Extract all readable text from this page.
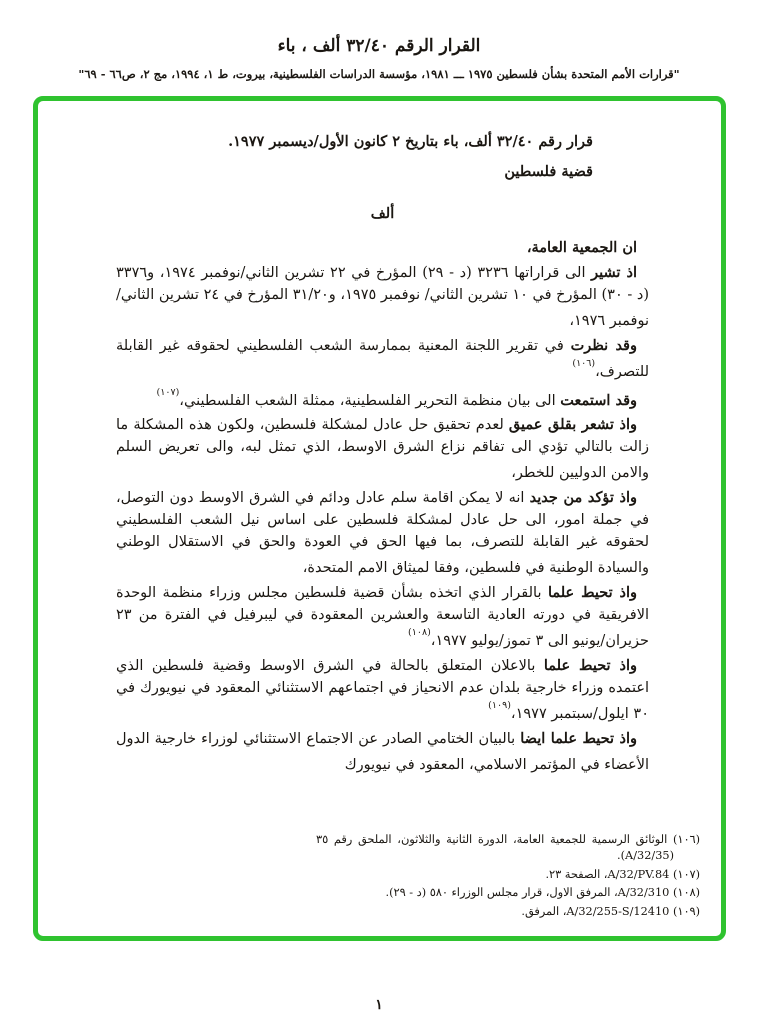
القرار الرقم ٣٢/٤٠ ألف ، باء
"قرارات الأمم المتحدة بشأن فلسطين ١٩٧٥ ـــ ١٩٨١، مؤسسة الدراسات الفلسطينية، بيروت، ط ١، ١٩٩٤، مج ٢، ص٦٦ - ٦٩"

قرار رقم ٣٢/٤٠ ألف، باء بتاريخ ٢ كانون الأول/ديسمبر ١٩٧٧.

قضية فلسطين

ألف

ان الجمعية العامة،

اذ تشير الى قراراتها ٣٢٣٦ (د - ٢٩) المؤرخ في ٢٢ تشرين الثاني/نوفمبر ١٩٧٤، و٣٣٧٦ (د - ٣٠) المؤرخ في ١٠ تشرين الثاني/ نوفمبر ١٩٧٥، و٣١/٢٠ المؤرخ في ٢٤ تشرين الثاني/نوفمبر ١٩٧٦،

وقد نظرت في تقرير اللجنة المعنية بممارسة الشعب الفلسطيني لحقوقه غير القابلة للتصرف،$^{(١٠٦)}$

وقد استمعت الى بيان منظمة التحرير الفلسطينية، ممثلة الشعب الفلسطيني،$^{(١٠٧)}$

واذ تشعر بقلق عميق لعدم تحقيق حل عادل لمشكلة فلسطين، ولكون هذه المشكلة ما زالت بالتالي تؤدي الى تفاقم نزاع الشرق الاوسط، الذي تمثل لبه، والى تعريض السلم والامن الدوليين للخطر،

واذ تؤكد من جديد انه لا يمكن اقامة سلم عادل ودائم في الشرق الاوسط دون التوصل، في جملة امور، الى حل عادل لمشكلة فلسطين على اساس نيل الشعب الفلسطيني لحقوقه غير القابلة للتصرف، بما فيها الحق في العودة والحق في الاستقلال الوطني والسيادة الوطنية في فلسطين، وفقا لميثاق الامم المتحدة،

واذ تحيط علما بالقرار الذي اتخذه بشأن قضية فلسطين مجلس وزراء منظمة الوحدة الافريقية في دورته العادية التاسعة والعشرين المعقودة في ليبرفيل في الفترة من ٢٣ حزيران/يونيو الى ٣ تموز/يوليو ١٩٧٧،$^{(١٠٨)}$

واذ تحيط علما بالاعلان المتعلق بالحالة في الشرق الاوسط وقضية فلسطين الذي اعتمده وزراء خارجية بلدان عدم الانحياز في اجتماعهم الاستثنائي المعقود في نيويورك في ٣٠ ايلول/سبتمبر ١٩٧٧،$^{(١٠٩)}$

واذ تحيط علما ايضا بالبيان الختامي الصادر عن الاجتماع الاستثنائي لوزراء خارجية الدول الأعضاء في المؤتمر الاسلامي، المعقود في نيويورك

(١٠٦) الوثائق الرسمية للجمعية العامة، الدورة الثانية والثلاثون، الملحق رقم ٣٥ (A/32/35).
(١٠٧) A/32/PV.84، الصفحة ٢٣.
(١٠٨) A/32/310، المرفق الاول، قرار مجلس الوزراء ٥٨٠ (د - ٢٩).
(١٠٩) A/32/255-S/12410، المرفق.
١
